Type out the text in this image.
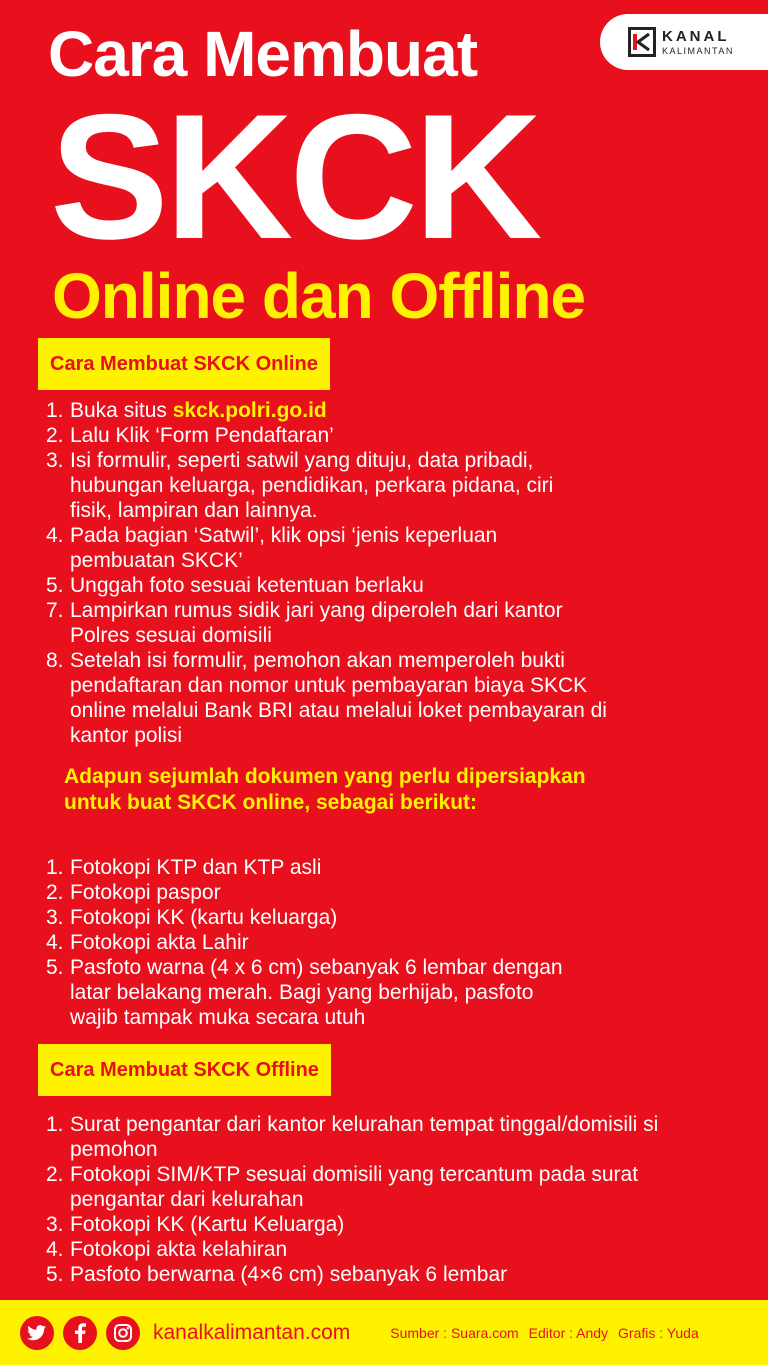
KANAL
KALIMANTAN
Cara Membuat
SKCK
Online dan Offline
Cara Membuat SKCK Online
1. Buka situs skck.polri.go.id
2. Lalu Klik ‘Form Pendaftaran’
3. Isi formulir, seperti satwil yang dituju, data pribadi, hubungan keluarga, pendidikan, perkara pidana, ciri fisik, lampiran dan lainnya.
4. Pada bagian ‘Satwil’, klik opsi ‘jenis keperluan pembuatan SKCK’
5. Unggah foto sesuai ketentuan berlaku
7. Lampirkan rumus sidik jari yang diperoleh dari kantor Polres sesuai domisili
8. Setelah isi formulir, pemohon akan memperoleh bukti pendaftaran dan nomor untuk pembayaran biaya SKCK online melalui Bank BRI atau melalui loket pembayaran di kantor polisi
Adapun sejumlah dokumen yang perlu dipersiapkan untuk buat SKCK online, sebagai berikut:
1. Fotokopi KTP dan KTP asli
2. Fotokopi paspor
3. Fotokopi KK (kartu keluarga)
4. Fotokopi akta Lahir
5. Pasfoto warna (4 x 6 cm) sebanyak 6 lembar dengan latar belakang merah. Bagi yang berhijab, pasfoto wajib tampak muka secara utuh
Cara Membuat SKCK Offline
1. Surat pengantar dari kantor kelurahan tempat tinggal/domisili si pemohon
2. Fotokopi SIM/KTP sesuai domisili yang tercantum pada surat pengantar dari kelurahan
3. Fotokopi KK (Kartu Keluarga)
4. Fotokopi akta kelahiran
5. Pasfoto berwarna (4×6 cm) sebanyak 6 lembar
kanalkalimantan.com	Sumber : Suara.com Editor : Andy Grafis : Yuda
